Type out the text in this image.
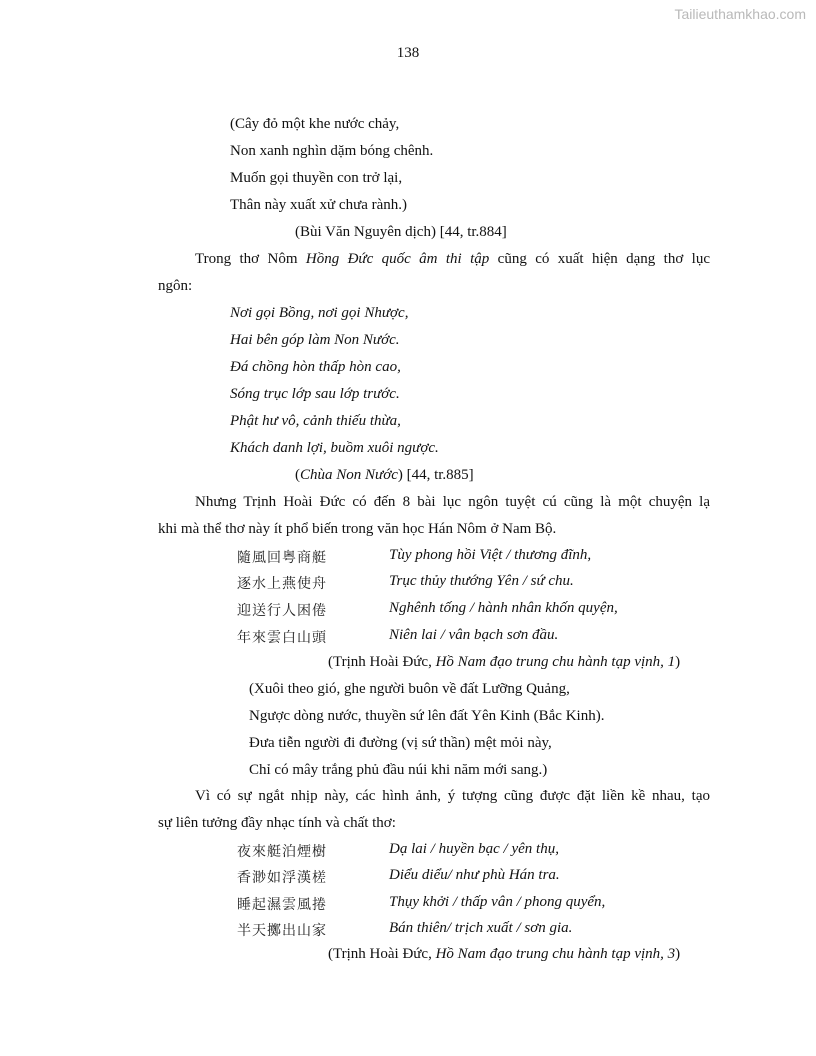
Tailieuthamkhao.com
138
(Cây đỏ một khe nước chảy,
Non xanh nghìn dặm bóng chênh.
Muốn gọi thuyền con trở lại,
Thân này xuất xử chưa rành.)
(Bùi Văn Nguyên dịch) [44, tr.884]
Trong thơ Nôm Hồng Đức quốc âm thi tập cũng có xuất hiện dạng thơ lục
ngôn:
Nơi gọi Bồng, nơi gọi Nhược,
Hai bên góp làm Non Nước.
Đá chồng hòn thấp hòn cao,
Sóng trục lớp sau lớp trước.
Phật hư vô, cảnh thiếu thừa,
Khách danh lợi, buồm xuôi ngược.
(Chùa Non Nước) [44, tr.885]
Nhưng Trịnh Hoài Đức có đến 8 bài lục ngôn tuyệt cú cũng là một chuyện lạ
khi mà thể thơ này ít phổ biến trong văn học Hán Nôm ở Nam Bộ.
隨風回粤商艇	Tùy phong hồi Việt / thương đĩnh,
逐水上燕使舟	Trục thủy thướng Yên / sứ chu.
迎送行人困倦	Nghênh tống / hành nhân khốn quyện,
年來雲白山頭	Niên lai / vân bạch sơn đầu.
(Trịnh Hoài Đức, Hồ Nam đạo trung chu hành tạp vịnh, 1)
(Xuôi theo gió, ghe người buôn về đất Lưỡng Quảng,
Ngược dòng nước, thuyền sứ lên đất Yên Kinh (Bắc Kinh).
Đưa tiễn người đi đường (vị sứ thần) mệt mỏi này,
Chỉ có mây trắng phủ đầu núi khi năm mới sang.)
Vì có sự ngắt nhịp này, các hình ảnh, ý tượng cũng được đặt liền kề nhau, tạo
sự liên tưởng đầy nhạc tính và chất thơ:
夜來艇泊煙樹	Dạ lai / huyền bạc / yên thụ,
香渺如浮漢槎	Diểu diểu/ như phù Hán tra.
睡起濕雲風捲	Thụy khởi / thấp vân / phong quyển,
半天擲出山家	Bán thiên/ trịch xuất / sơn gia.
(Trịnh Hoài Đức, Hồ Nam đạo trung chu hành tạp vịnh, 3)
